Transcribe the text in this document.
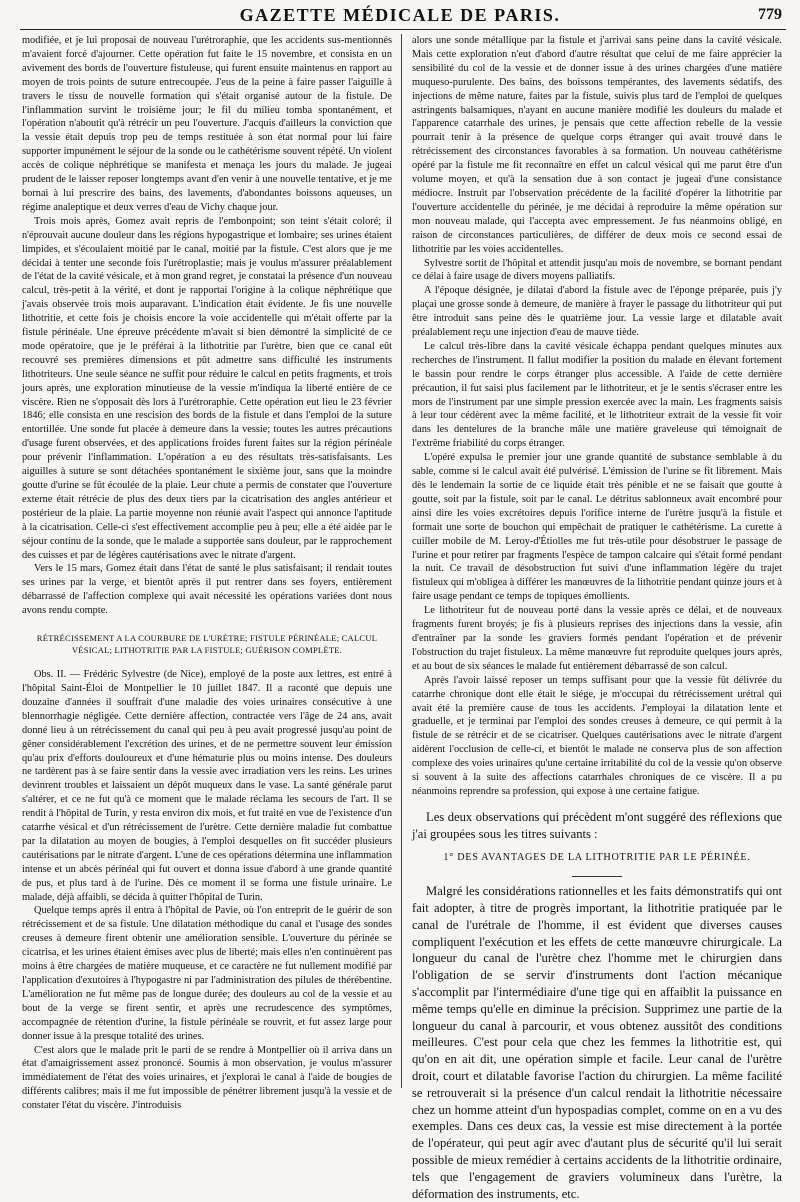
GAZETTE MÉDICALE DE PARIS.	779

modifiée, et je lui proposai de nouveau l'urétroraphie, que les accidents sus-mentionnés m'avaient forcé d'ajourner. Cette opération fut faite le 15 novembre, et consista en un avivement des bords de l'ouverture fistuleuse, qui furent ensuite maintenus en rapport au moyen de trois points de suture entrecoupée. J'eus de la peine à faire passer l'aiguille à travers le tissu de nouvelle formation qui s'était organisé autour de la fistule. De l'inflammation survint le troisième jour; le fil du milieu tomba spontanément, et l'opération n'aboutit qu'à rétrécir un peu l'ouverture. J'acquis d'ailleurs la conviction que la vessie était depuis trop peu de temps restituée à son état normal pour lui faire supporter impunément le séjour de la sonde ou le cathétérisme souvent répété. Un violent accès de colique néphrétique se manifesta et menaça les jours du malade. Je jugeai prudent de le laisser reposer longtemps avant d'en venir à une nouvelle tentative, et je me bornai à lui prescrire des bains, des lavements, d'abondantes boissons aqueuses, un régime analeptique et deux verres d'eau de Vichy chaque jour.

Trois mois après, Gomez avait repris de l'embonpoint; son teint s'était coloré; il n'éprouvait aucune douleur dans les régions hypogastrique et lombaire; ses urines étaient limpides, et s'écoulaient moitié par le canal, moitié par la fistule. C'est alors que je me décidai à tenter une seconde fois l'urétroplastie; mais je voulus m'assurer préalablement de l'état de la cavité vésicale, et à mon grand regret, je constatai la présence d'un nouveau calcul, très-petit à la vérité, et dont je rapportai l'origine à la colique néphrétique que j'avais observée trois mois auparavant. L'indication était évidente. Je fis une nouvelle lithotritie, et cette fois je choisis encore la voie accidentelle qui m'était offerte par la fistule périnéale. Une épreuve précédente m'avait si bien démontré la simplicité de ce mode opératoire, que je le préférai à la lithotritie par l'urètre, bien que ce canal eût recouvré ses premières dimensions et pût admettre sans difficulté les instruments lithotriteurs. Une seule séance ne suffit pour réduire le calcul en petits fragments, et trois jours après, une exploration minutieuse de la vessie m'indiqua la liberté entière de ce viscère. Rien ne s'opposait dès lors à l'urétroraphie. Cette opération eut lieu le 23 février 1846; elle consista en une rescision des bords de la fistule et dans l'emploi de la suture entortillée. Une sonde fut placée à demeure dans la vessie; toutes les autres précautions d'usage furent observées, et des applications froides furent faites sur la région périnéale pour prévenir l'inflammation. L'opération a eu des résultats très-satisfaisants. Les aiguilles à suture se sont détachées spontanément le sixième jour, sans que la moindre goutte d'urine se fût écoulée de la plaie. Leur chute a permis de constater que l'ouverture externe était rétrécie de plus des deux tiers par la cicatrisation des angles antérieur et postérieur de la plaie. La partie moyenne non réunie avait l'aspect qui annonce l'aptitude à la cicatrisation. Celle-ci s'est effectivement accomplie peu à peu; elle a été aidée par le séjour continu de la sonde, que le malade a supportée sans douleur, par le rapprochement des cuisses et par de légères cautérisations avec le nitrate d'argent.

Vers le 15 mars, Gomez était dans l'état de santé le plus satisfaisant; il rendait toutes ses urines par la verge, et bientôt après il put rentrer dans ses foyers, entièrement débarrassé de l'affection complexe qui avait nécessité les opérations variées dont nous avons rendu compte.

RÉTRÉCISSEMENT A LA COURBURE DE L'URÈTRE; FISTULE PÉRINÉALE; CALCUL VÉSICAL; LITHOTRITIE PAR LA FISTULE; GUÉRISON COMPLÈTE.

Obs. II. — Frédéric Sylvestre (de Nice), employé de la poste aux lettres, est entré à l'hôpital Saint-Éloi de Montpellier le 10 juillet 1847. Il a raconté que depuis une douzaine d'années il souffrait d'une maladie des voies urinaires consécutive à une blennorrhagie négligée. Cette dernière affection, contractée vers l'âge de 24 ans, avait donné lieu à un rétrécissement du canal qui peu à peu avait progressé jusqu'au point de gêner considérablement l'excrétion des urines, et de ne permettre souvent leur émission qu'au prix d'efforts douloureux et d'une hématurie plus ou moins intense. Des douleurs ne tardèrent pas à se faire sentir dans la vessie avec irradiation vers les reins. Les urines devinrent troubles et laissaient un dépôt muqueux dans le vase. La santé générale parut s'altérer, et ce ne fut qu'à ce moment que le malade réclama les secours de l'art. Il se rendit à l'hôpital de Turin, y resta environ dix mois, et fut traité en vue de l'existence d'un catarrhe vésical et d'un rétrécissement de l'urètre. Cette dernière maladie fut combattue par la dilatation au moyen de bougies, à l'emploi desquelles on fit succéder plusieurs cautérisations par le nitrate d'argent. L'une de ces opérations détermina une inflammation intense et un abcès périnéal qui fut ouvert et donna issue d'abord à une grande quantité de pus, et plus tard à de l'urine. Dès ce moment il se forma une fistule urinaire. Le malade, déjà affaibli, se décida à quitter l'hôpital de Turin.

Quelque temps après il entra à l'hôpital de Pavie, où l'on entreprit de le guérir de son rétrécissement et de sa fistule. Une dilatation méthodique du canal et l'usage des sondes creuses à demeure firent obtenir une amélioration sensible. L'ouverture du périnée se cicatrisa, et les urines étaient émises avec plus de liberté; mais elles n'en continuèrent pas moins à être chargées de matière muqueuse, et ce caractère ne fut nullement modifié par l'application d'exutoires à l'hypogastre ni par l'administration des pilules de thérébentine. L'amélioration ne fut même pas de longue durée; des douleurs au col de la vessie et au bout de la verge se firent sentir, et après une recrudescence des symptômes, accompagnée de rétention d'urine, la fistule périnéale se rouvrit, et fut assez large pour donner issue à la presque totalité des urines.

C'est alors que le malade prit le parti de se rendre à Montpellier où il arriva dans un état d'amaigrissement assez prononcé. Soumis à mon observation, je voulus m'assurer immédiatement de l'état des voies urinaires, et j'explorai le canal à l'aide de bougies de différents calibres; mais il me fut impossible de pénétrer librement jusqu'à la vessie et de constater l'état du viscère. J'introduisis

alors une sonde métallique par la fistule et j'arrivai sans peine dans la cavité vésicale. Mais cette exploration n'eut d'abord d'autre résultat que celui de me faire apprécier la sensibilité du col de la vessie et de donner issue à des urines chargées d'une matière muqueso-purulente. Des bains, des boissons tempérantes, des lavements sédatifs, des injections de même nature, faites par la fistule, suivis plus tard de l'emploi de quelques astringents balsamiques, n'ayant en aucune manière modifié les douleurs du malade et l'apparence catarrhale des urines, je pensais que cette affection rebelle de la vessie pourrait tenir à la présence de quelque corps étranger qui avait trouvé dans le rétrécissement des circonstances favorables à sa formation. Un nouveau cathétérisme opéré par la fistule me fit reconnaître en effet un calcul vésical qui me parut être d'un volume moyen, et qu'à la sensation due à son contact je jugeai d'une consistance médiocre. Instruit par l'observation précédente de la facilité d'opérer la lithotritie par l'ouverture accidentelle du périnée, je me décidai à reproduire la même opération sur mon nouveau malade, qui l'accepta avec empressement. Je fus néanmoins obligé, en raison de circonstances particulières, de différer de deux mois ce second essai de lithotritie par les voies accidentelles.

Sylvestre sortit de l'hôpital et attendit jusqu'au mois de novembre, se bornant pendant ce délai à faire usage de divers moyens palliatifs.

A l'époque désignée, je dilatai d'abord la fistule avec de l'éponge préparée, puis j'y plaçai une grosse sonde à demeure, de manière à frayer le passage du lithotriteur qui put être introduit sans peine dès le quatrième jour. La vessie large et dilatable avait préalablement reçu une injection d'eau de mauve tiède.

Le calcul très-libre dans la cavité vésicale échappa pendant quelques minutes aux recherches de l'instrument. Il fallut modifier la position du malade en élevant fortement le bassin pour rendre le corps étranger plus accessible. A l'aide de cette dernière précaution, il fut saisi plus facilement par le lithotriteur, et je le sentis s'écraser entre les mors de l'instrument par une simple pression exercée avec la main. Les fragments saisis à leur tour cédèrent avec la même facilité, et le lithotriteur extrait de la vessie fit voir dans les dentelures de la branche mâle une matière graveleuse qui témoignait de l'extrême friabilité du corps étranger.

L'opéré expulsa le premier jour une grande quantité de substance semblable à du sable, comme si le calcul avait été pulvérisé. L'émission de l'urine se fit librement. Mais dès le lendemain la sortie de ce liquide était très pénible et ne se faisait que goutte à goutte, soit par la fistule, soit par le canal. Le détritus sablonneux avait encombré pour ainsi dire les voies excrétoires depuis l'orifice interne de l'urètre jusqu'à la fistule et formait une sorte de bouchon qui empêchait de pratiquer le cathétérisme. La curette à cuiller mobile de M. Leroy-d'Étiolles me fut très-utile pour désobstruer le passage de l'urine et pour retirer par fragments l'espèce de tampon calcaire qui s'était formé pendant la nuit. Ce travail de désobstruction fut suivi d'une inflammation légère du trajet fistuleux qui m'obligea à différer les manœuvres de la lithotritie pendant quinze jours et à faire usage pendant ce temps de topiques émollients.

Le lithotriteur fut de nouveau porté dans la vessie après ce délai, et de nouveaux fragments furent broyés; je fis à plusieurs reprises des injections dans la vessie, afin d'entraîner par la sonde les graviers formés pendant l'opération et de prévenir l'obstruction du trajet fistuleux. La même manœuvre fut reproduite quelques jours après, et au bout de six séances le malade fut entièrement débarrassé de son calcul.

Après l'avoir laissé reposer un temps suffisant pour que la vessie fût délivrée du catarrhe chronique dont elle était le siége, je m'occupai du rétrécissement urétral qui avait été la première cause de tous les accidents. J'employai la dilatation lente et graduelle, et je terminai par l'emploi des sondes creuses à demeure, ce qui permit à la fistule de se rétrécir et de se cicatriser. Quelques cautérisations avec le nitrate d'argent aidèrent l'occlusion de celle-ci, et bientôt le malade ne conserva plus de son affection complexe des voies urinaires qu'une certaine irritabilité du col de la vessie qu'on observe si souvent à la suite des affections catarrhales chroniques de ce viscère. Il a pu néanmoins reprendre sa profession, qui expose à une certaine fatigue.

Les deux observations qui précèdent m'ont suggéré des réflexions que j'ai groupées sous les titres suivants :

1° DES AVANTAGES DE LA LITHOTRITIE PAR LE PÉRINÉE.

Malgré les considérations rationnelles et les faits démonstratifs qui ont fait adopter, à titre de progrès important, la lithotritie pratiquée par le canal de l'urétrale de l'homme, il est évident que diverses causes compliquent l'exécution et les effets de cette manœuvre chirurgicale. La longueur du canal de l'urètre chez l'homme met le chirurgien dans l'obligation de se servir d'instruments dont l'action mécanique s'accomplit par l'intermédiaire d'une tige qui en affaiblit la puissance en même temps qu'elle en diminue la précision. Supprimez une partie de la longueur du canal à parcourir, et vous obtenez aussitôt des conditions meilleures. C'est pour cela que chez les femmes la lithotritie est, qui qu'on en ait dit, une opération simple et facile. Leur canal de l'urètre droit, court et dilatable favorise l'action du chirurgien. La même facilité se retrouverait si la présence d'un calcul rendait la lithotritie nécessaire chez un homme atteint d'un hypospadias complet, comme on en a vu des exemples. Dans ces deux cas, la vessie est mise directement à la portée de l'opérateur, qui peut agir avec d'autant plus de sécurité qu'il lui serait possible de mieux remédier à certains accidents de la lithotritie ordinaire, tels que l'engagement de graviers volumineux dans l'urètre, la déformation des instruments, etc.
